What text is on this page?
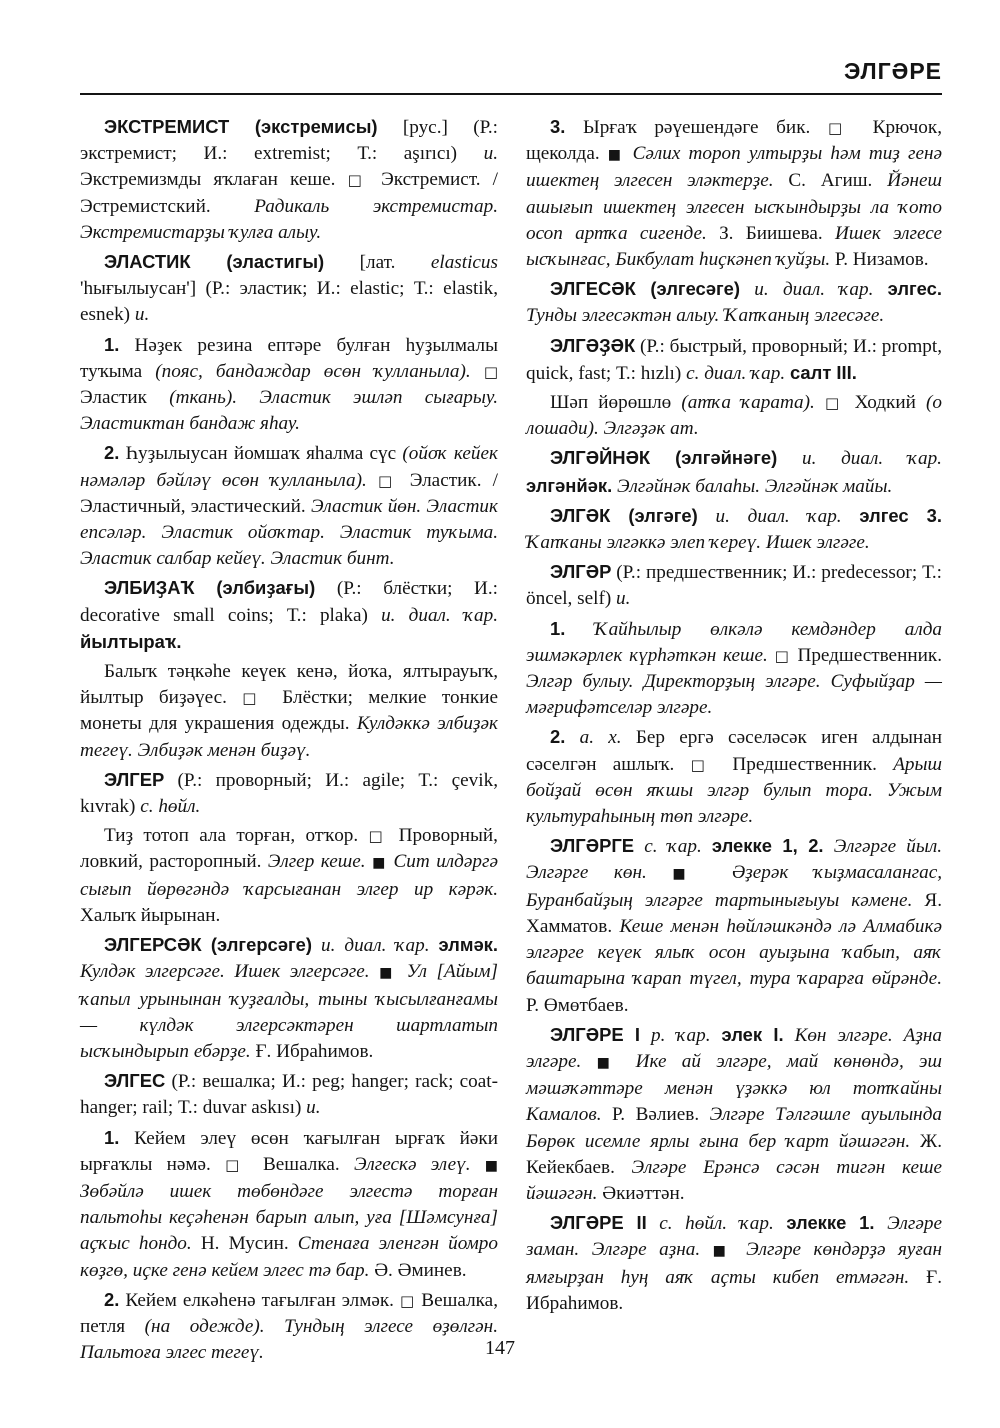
ЭЛГӘРЕ

ЭКСТРЕМИСТ (экстремисы) [рус.] (Р.: экстремист; И.: extremist; Т.: aşırıcı) и. Экстремизмды яҡлаған кеше. □ Экстремист. / Эстремистский. Радикаль экстремистар. Экстремистарҙы ҡулға алыу.

ЭЛАСТИК (эластигы) [лат. elasticus 'һығылыусан'] (Р.: эластик; И.: elastic; Т.: elastik, esnek) и.

1. Нәҙек резина ептәре булған һуҙылмалы туҡыма (пояс, бандаждар өсөн ҡулланыла). □ Эластик (ткань). Эластик эшләп сығарыу. Эластиктан бандаж яһау.

2. Һуҙылыусан йомшаҡ яһалма сүс (ойоҡ кейек нәмәләр бәйләү өсөн ҡулланыла). □ Эластик. / Эластичный, эластический. Эластик йөн. Эластик епсәләр. Эластик ойоҡтар. Эластик туҡыма. Эластик салбар кейеү. Эластик бинт.

ЭЛБИҘАҠ (элбиҙағы) (Р.: блёстки; И.: decorative small coins; Т.: plaka) и. диал. ҡар. йылтыраҡ.

Балыҡ тәңкәһе кеүек кенә, йоҡа, ялтырауыҡ, йылтыр биҙәүес. □ Блёстки; мелкие тонкие монеты для украшения одежды. Кулдәккә элбиҙәк тегеү. Элбиҙәк менән биҙәү.

ЭЛГЕР (Р.: проворный; И.: agile; Т.: çevik, kıvrak) с. һөйл.

Тиҙ тотоп ала торған, отҡор. □ Проворный, ловкий, расторопный. Элгер кеше. ■ Сит илдәргә сығып йөрөгәндә ҡарсығанан элгер ир кәрәк. Халыҡ йырынан.

ЭЛГЕРСӘК (элгерсәге) и. диал. ҡар. элмәк. Кулдәк элгерсәге. Ишек элгерсәге. ■ Ул [Айым] ҡапыл урынынан ҡуҙғалды, тыны ҡысылғанғамы — күлдәк элгерсәктәрен шартлатып ысҡындырып ебәрҙе. Ғ. Ибраһимов.

ЭЛГЕС (Р.: вешалка; И.: peg; hanger; rack; coat-hanger; rail; Т.: duvar askısı) и.

1. Кейем элеү өсөн ҡағылған ырғаҡ йәки ырғаҡлы нәмә. □ Вешалка. Элгескә элеү. ■ Зөбәйлә ишек төбөндәге элгестә торған пальтоһы кеҫәһенән барып алып, уға [Шәмсунға] аҫҡыс һондо. Н. Мусин. Стенаға эленгән йомро көҙгө, иҫке генә кейем элгес тә бар. Ә. Әминев.

2. Кейем елкәһенә тағылған элмәк. □ Вешалка, петля (на одежде). Тундың элгесе өҙөлгән. Пальтоға элгес тегеү.

3. Ырғаҡ рәүешендәге бик. □ Крючок, щеколда. ■ Сәлих тороп ултырҙы һәм тиҙ генә ишектең элгесен эләктерҙе. С. Агиш. Йәнеш ашығып ишектең элгесен ысҡындырҙы ла ҡото осоп артҡа сигенде. З. Биишева. Ишек элгесе ысҡынғас, Бикбулат һиҫкәнеп ҡуйҙы. Р. Низамов.

ЭЛГЕСӘК (элгесәге) и. диал. ҡар. элгес. Тунды элгесәктән алыу. Ҡапҡаның элгесәге.

ЭЛГӘҘӘК (Р.: быстрый, проворный; И.: prompt, quick, fast; Т.: hızlı) с. диал. ҡар. салт III.

Шәп йөрөшлө (атҡа ҡарата). □ Ходкий (о лошади). Элгәҙәк ат.

ЭЛГӘЙНӘК (элгәйнәге) и. диал. ҡар. элгәнйәк. Элгәйнәк балаһы. Элгәйнәк майы.

ЭЛГӘК (элгәге) и. диал. ҡар. элгес 3. Ҡапҡаны элгәккә элеп ҡереү. Ишек элгәге.

ЭЛГӘР (Р.: предшественник; И.: predecessor; Т.: öncel, self) и.

1. Ҡайһылыр өлкәлә кемдәндер алда эшмәкәрлек күрһәткән кеше. □ Предшественник. Элгәр булыу. Директорҙың элгәре. Суфыйҙар — мәғрифәтселәр элгәре.

2. а. х. Бер ергә сәселәсәк иген алдынан сәселгән ашлыҡ. □ Предшественник. Арыш бойҙай өсөн яҡшы элгәр булып тора. Ужым культураһының төп элгәре.

ЭЛГӘРГЕ с. ҡар. элекке 1, 2. Элгәрге йыл. Элгәрге көн. ■ Әҙерәк ҡыҙмасалангас, Буранбайҙың элгәрге тартынығыуы кәмене. Я. Хамматов. Кеше менән һөйләшкәндә лә Алмабикә элгәрге кеүек ялыҡ осон ауыҙына ҡабып, аяҡ баштарына ҡарап түгел, тура ҡарарға өйрәнде. Р. Өмөтбаев.

ЭЛГӘРЕ I р. ҡар. элек I. Көн элгәре. Аҙна элгәре. ■ Ике ай элгәре, май көнөндә, эш мәшәҡәттәре менән үҙәккә юл тотҡайны Камалов. Р. Вәлиев. Элгәре Тәлгәшле ауылында Бөрөк исемле ярлы ғына бер ҡарт йәшәгән. Ж. Кейекбаев. Элгәре Ерәнсә сәсән тигән кеше йәшәгән. Әкиәттән.

ЭЛГӘРЕ II с. һөйл. ҡар. элекке 1. Элгәре заман. Элгәре аҙна. ■ Элгәре көндәрҙә яуған ямғырҙан һуң аяҡ аҫты кибеп етмәгән. Ғ. Ибраһимов.

147
